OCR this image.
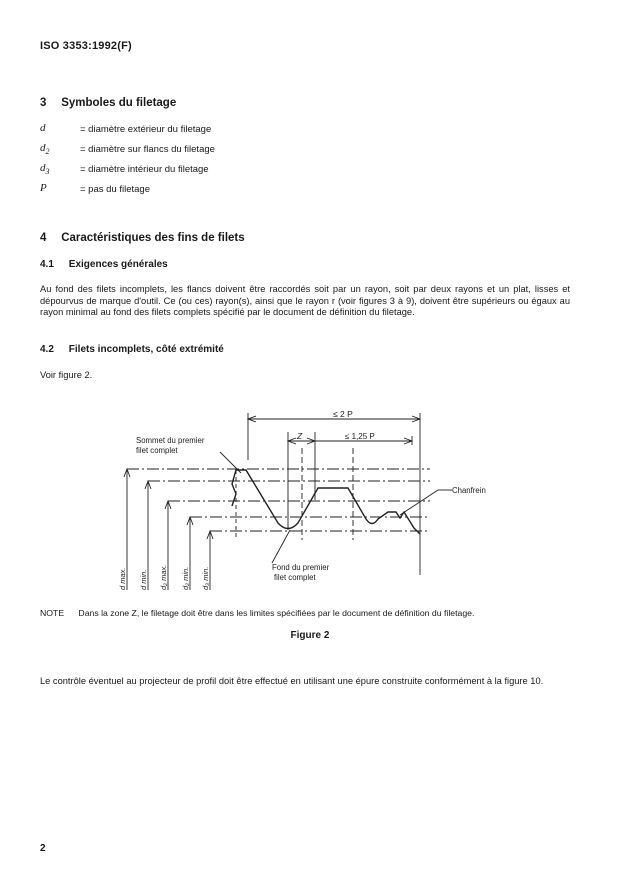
ISO 3353:1992(F)
3 Symboles du filetage
d	= diamètre extérieur du filetage
$d_2$	= diamètre sur flancs du filetage
$d_3$	= diamètre intérieur du filetage
P	= pas du filetage
4 Caractéristiques des fins de filets
4.1 Exigences générales
Au fond des filets incomplets, les flancs doivent être raccordés soit par un rayon, soit par deux rayons et un plat, lisses et dépourvus de marque d'outil. Ce (ou ces) rayon(s), ainsi que le rayon r (voir figures 3 à 9), doivent être supérieurs ou égaux au rayon minimal au fond des filets complets spécifié par le document de définition du filetage.
4.2 Filets incomplets, côté extrémité
Voir figure 2.
≤ 2 P
Z	≤ 1,25 P
Sommet du premier
filet complet
Chanfrein
Fond du premier
filet complet
d max. d min. d₂ max. d₂ min. d₃ min.
NOTE Dans la zone Z, le filetage doit être dans les limites spécifiées par le document de définition du filetage.
Figure 2
Le contrôle éventuel au projecteur de profil doit être effectué en utilisant une épure construite conformément à la figure 10.
2
